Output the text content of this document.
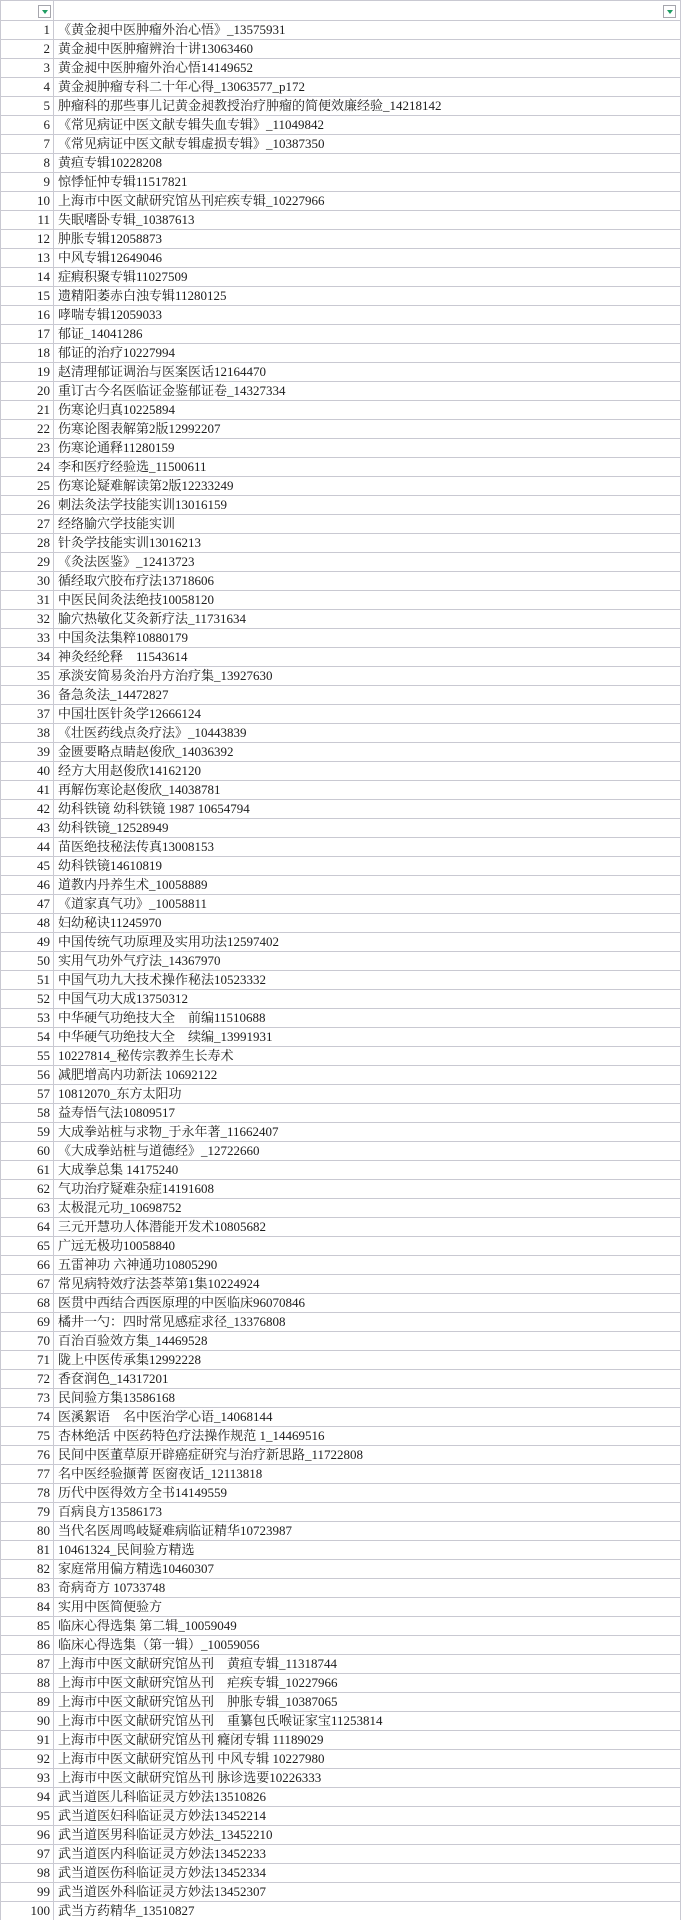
1 《黄金昶中医肿瘤外治心悟》_13575931
2 黄金昶中医肿瘤辨治十讲13063460
3 黄金昶中医肿瘤外治心悟14149652
4 黄金昶肿瘤专科二十年心得_13063577_p172
5 肿瘤科的那些事儿记黄金昶教授治疗肿瘤的简便效廉经验_14218142
6 《常见病证中医文献专辑失血专辑》_11049842
7 《常见病证中医文献专辑虚损专辑》_10387350
8 黄疸专辑10228208
9 惊悸怔忡专辑11517821
10 上海市中医文献研究馆丛刊疟疾专辑_10227966
11 失眠嗜卧专辑_10387613
12 肿胀专辑12058873
13 中风专辑12649046
14 症瘕积聚专辑11027509
15 遗精阳萎赤白浊专辑11280125
16 哮喘专辑12059033
17 郁证_14041286
18 郁证的治疗10227994
19 赵清理郁证调治与医案医话12164470
20 重订古今名医临证金鉴郁证卷_14327334
21 伤寒论归真10225894
22 伤寒论图表解第2版12992207
23 伤寒论通释11280159
24 李和医疗经验选_11500611
25 伤寒论疑难解读第2版12233249
26 刺法灸法学技能实训13016159
27 经络腧穴学技能实训
28 针灸学技能实训13016213
29 《灸法医鉴》_12413723
30 循经取穴胶布疗法13718606
31 中医民间灸法绝技10058120
32 腧穴热敏化艾灸新疗法_11731634
33 中国灸法集粹10880179
34 神灸经纶释　11543614
35 承淡安简易灸治丹方治疗集_13927630
36 备急灸法_14472827
37 中国壮医针灸学12666124
38 《壮医药线点灸疗法》_10443839
39 金匮要略点睛赵俊欣_14036392
40 经方大用赵俊欣14162120
41 再解伤寒论赵俊欣_14038781
42 幼科铁镜 幼科铁镜 1987 10654794
43 幼科铁镜_12528949
44 苗医绝技秘法传真13008153
45 幼科铁镜14610819
46 道教内丹养生术_10058889
47 《道家真气功》_10058811
48 妇幼秘诀11245970
49 中国传统气功原理及实用功法12597402
50 实用气功外气疗法_14367970
51 中国气功九大技术操作秘法10523332
52 中国气功大成13750312
53 中华硬气功绝技大全　前编11510688
54 中华硬气功绝技大全　续编_13991931
55 10227814_秘传宗教养生长寿术
56 减肥增高内功新法 10692122
57 10812070_东方太阳功
58 益寿悟气法10809517
59 大成拳站桩与求物_于永年著_11662407
60 《大成拳站桩与道德经》_12722660
61 大成拳总集 14175240
62 气功治疗疑难杂症14191608
63 太极混元功_10698752
64 三元开慧功人体潜能开发术10805682
65 广远无极功10058840
66 五雷神功 六神通功10805290
67 常见病特效疗法荟萃第1集10224924
68 医贯中西结合西医原理的中医临床96070846
69 橘井一勺：四时常见感症求径_13376808
70 百治百验效方集_14469528
71 陇上中医传承集12992228
72 香奁润色_14317201
73 民间验方集13586168
74 医溪絮语　名中医治学心语_14068144
75 杏林绝活 中医药特色疗法操作规范 1_14469516
76 民间中医董草原开辟癌症研究与治疗新思路_11722808
77 名中医经验撷菁 医窗夜话_12113818
78 历代中医得效方全书14149559
79 百病良方13586173
80 当代名医周鸣岐疑难病临证精华10723987
81 10461324_民间验方精选
82 家庭常用偏方精选10460307
83 奇病奇方 10733748
84 实用中医简便验方
85 临床心得选集 第二辑_10059049
86 临床心得选集（第一辑）_10059056
87 上海市中医文献研究馆丛刊　黄疸专辑_11318744
88 上海市中医文献研究馆丛刊　疟疾专辑_10227966
89 上海市中医文献研究馆丛刊　肿胀专辑_10387065
90 上海市中医文献研究馆丛刊　重纂包氏喉证家宝11253814
91 上海市中医文献研究馆丛刊 癃闭专辑 11189029
92 上海市中医文献研究馆丛刊 中风专辑 10227980
93 上海市中医文献研究馆丛刊 脉诊选要10226333
94 武当道医儿科临证灵方妙法13510826
95 武当道医妇科临证灵方妙法13452214
96 武当道医男科临证灵方妙法_13452210
97 武当道医内科临证灵方妙法13452233
98 武当道医伤科临证灵方妙法13452334
99 武当道医外科临证灵方妙法13452307
100 武当方药精华_13510827
